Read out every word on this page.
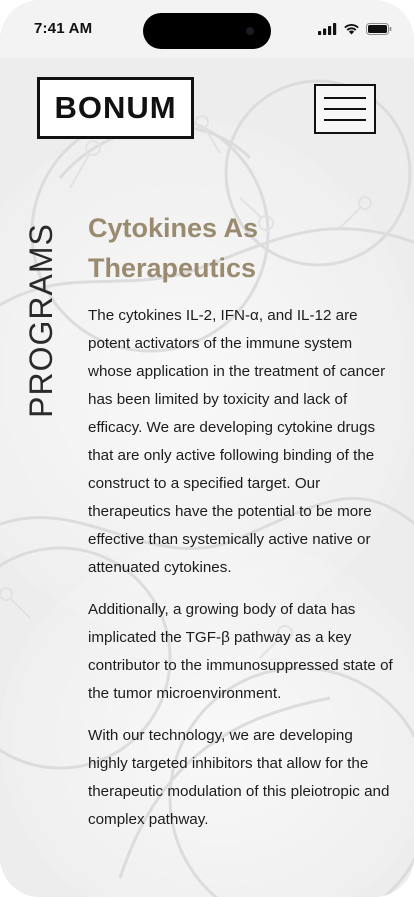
7:41 AM
BONUM
PROGRAMS Cytokines As Therapeutics

The cytokines IL-2, IFN-α, and IL-12 are potent activators of the immune system whose application in the treatment of cancer has been limited by toxicity and lack of efficacy. We are developing cytokine drugs that are only active following binding of the construct to a specified target. Our therapeutics have the potential to be more effective than systemically active native or attenuated cytokines.

Additionally, a growing body of data has implicated the TGF-β pathway as a key contributor to the immunosuppressed state of the tumor microenvironment.

With our technology, we are developing highly targeted inhibitors that allow for the therapeutic modulation of this pleiotropic and complex pathway.
